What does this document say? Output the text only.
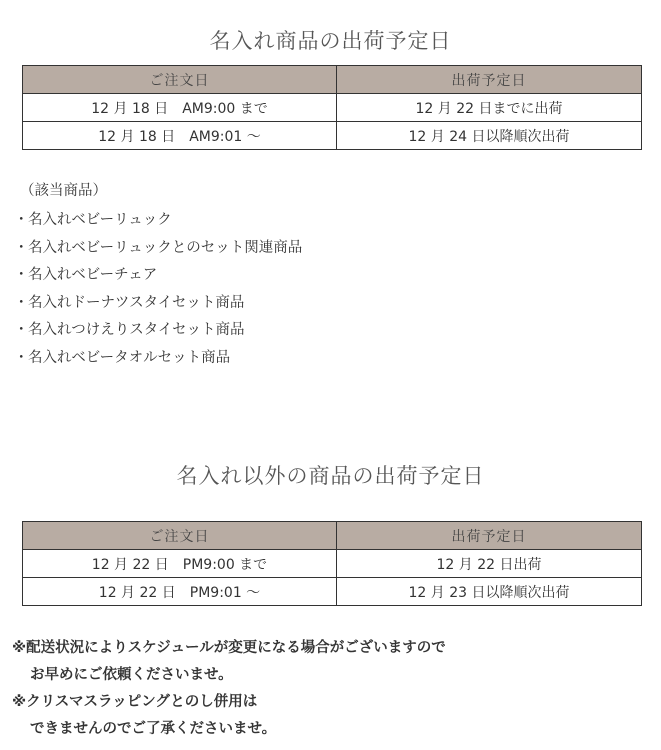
名入れ商品の出荷予定日
ご注文日	出荷予定日
12 月 18 日　AM9:00 まで	12 月 22 日までに出荷
12 月 18 日　AM9:01 ～	12 月 24 日以降順次出荷
（該当商品）
・名入れベビーリュック
・名入れベビーリュックとのセット関連商品
・名入れベビーチェア
・名入れドーナツスタイセット商品
・名入れつけえりスタイセット商品
・名入れベビータオルセット商品
名入れ以外の商品の出荷予定日
ご注文日	出荷予定日
12 月 22 日　PM9:00 まで	12 月 22 日出荷
12 月 22 日　PM9:01 ～	12 月 23 日以降順次出荷
※配送状況によりスケジュールが変更になる場合がございますので
お早めにご依頼くださいませ。
※クリスマスラッピングとのし併用は
できませんのでご了承くださいませ。
